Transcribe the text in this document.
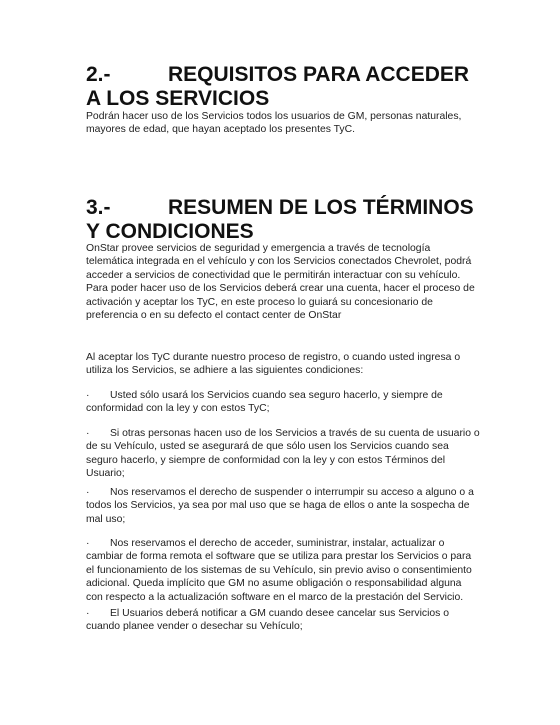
2.-	REQUISITOS PARA ACCEDER
A LOS SERVICIOS
Podrán hacer uso de los Servicios todos los usuarios de GM, personas naturales, mayores de edad, que hayan aceptado los presentes TyC.
3.-	RESUMEN DE LOS TÉRMINOS
Y CONDICIONES
OnStar provee servicios de seguridad y emergencia a través de tecnología telemática integrada en el vehículo y con los Servicios conectados Chevrolet, podrá acceder a servicios de conectividad que le permitirán interactuar con su vehículo. Para poder hacer uso de los Servicios deberá crear una cuenta, hacer el proceso de activación y aceptar los TyC, en este proceso lo guiará su concesionario de preferencia o en su defecto el contact center de OnStar
Al aceptar los TyC durante nuestro proceso de registro, o cuando usted ingresa o utiliza los Servicios, se adhiere a las siguientes condiciones:
· Usted sólo usará los Servicios cuando sea seguro hacerlo, y siempre de conformidad con la ley y con estos TyC;
· Si otras personas hacen uso de los Servicios a través de su cuenta de usuario o de su Vehículo, usted se asegurará de que sólo usen los Servicios cuando sea seguro hacerlo, y siempre de conformidad con la ley y con estos Términos del Usuario;
· Nos reservamos el derecho de suspender o interrumpir su acceso a alguno o a todos los Servicios, ya sea por mal uso que se haga de ellos o ante la sospecha de mal uso;
· Nos reservamos el derecho de acceder, suministrar, instalar, actualizar o cambiar de forma remota el software que se utiliza para prestar los Servicios o para el funcionamiento de los sistemas de su Vehículo, sin previo aviso o consentimiento adicional. Queda implícito que GM no asume obligación o responsabilidad alguna con respecto a la actualización software en el marco de la prestación del Servicio.
· El Usuarios deberá notificar a GM cuando desee cancelar sus Servicios o cuando planee vender o desechar su Vehículo;
